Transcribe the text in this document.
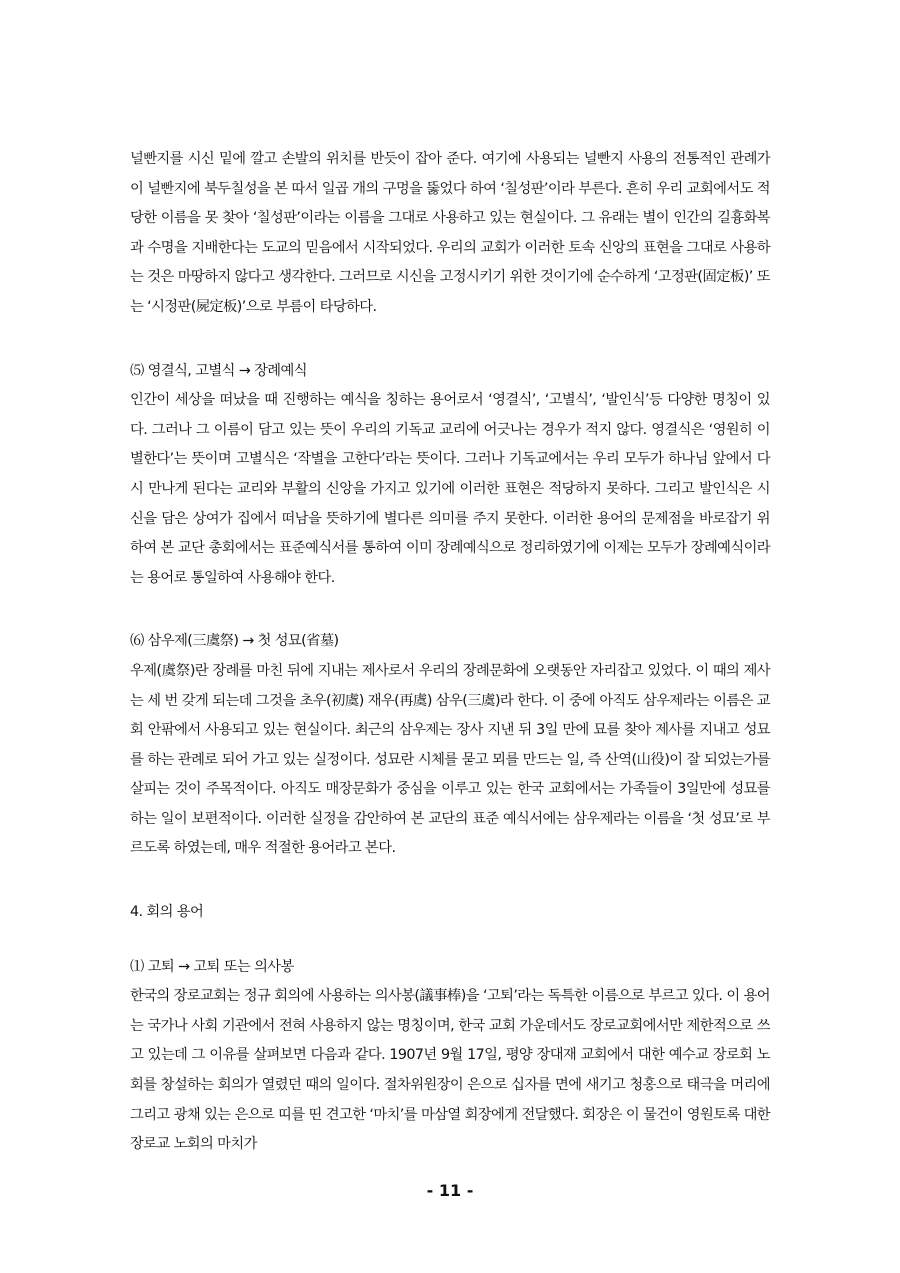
널빤지를 시신 밑에 깔고 손발의 위치를 반듯이 잡아 준다. 여기에 사용되는 널빤지 사용의 전통적인 관례가 이 널빤지에 북두칠성을 본 따서 일곱 개의 구멍을 뚫었다 하여 ‘칠성판’이라 부른다. 흔히 우리 교회에서도 적당한 이름을 못 찾아 ‘칠성판’이라는 이름을 그대로 사용하고 있는 현실이다. 그 유래는 별이 인간의 길흉화복과 수명을 지배한다는 도교의 믿음에서 시작되었다. 우리의 교회가 이러한 토속 신앙의 표현을 그대로 사용하는 것은 마땅하지 않다고 생각한다. 그러므로 시신을 고정시키기 위한 것이기에 순수하게 ‘고정판(固定板)’ 또는 ‘시정판(屍定板)’으로 부름이 타당하다.

⑸ 영결식, 고별식 → 장례예식

인간이 세상을 떠났을 때 진행하는 예식을 칭하는 용어로서 ‘영결식’, ‘고별식’, ‘발인식’등 다양한 명칭이 있다. 그러나 그 이름이 담고 있는 뜻이 우리의 기독교 교리에 어긋나는 경우가 적지 않다. 영결식은 ‘영원히 이별한다’는 뜻이며 고별식은 ‘작별을 고한다’라는 뜻이다. 그러나 기독교에서는 우리 모두가 하나님 앞에서 다시 만나게 된다는 교리와 부활의 신앙을 가지고 있기에 이러한 표현은 적당하지 못하다. 그리고 발인식은 시신을 담은 상여가 집에서 떠남을 뜻하기에 별다른 의미를 주지 못한다. 이러한 용어의 문제점을 바로잡기 위하여 본 교단 총회에서는 표준예식서를 통하여 이미 장례예식으로 정리하였기에 이제는 모두가 장례예식이라는 용어로 통일하여 사용해야 한다.

⑹ 삼우제(三虞祭) → 첫 성묘(省墓)

우제(虞祭)란 장례를 마친 뒤에 지내는 제사로서 우리의 장례문화에 오랫동안 자리잡고 있었다. 이 때의 제사는 세 번 갖게 되는데 그것을 초우(初虞) 재우(再虞) 삼우(三虞)라 한다. 이 중에 아직도 삼우제라는 이름은 교회 안팎에서 사용되고 있는 현실이다. 최근의 삼우제는 장사 지낸 뒤 3일 만에 묘를 찾아 제사를 지내고 성묘를 하는 관례로 되어 가고 있는 실정이다. 성묘란 시체를 묻고 뫼를 만드는 일, 즉 산역(山役)이 잘 되었는가를 살피는 것이 주목적이다. 아직도 매장문화가 중심을 이루고 있는 한국 교회에서는 가족들이 3일만에 성묘를 하는 일이 보편적이다. 이러한 실정을 감안하여 본 교단의 표준 예식서에는 삼우제라는 이름을 ‘첫 성묘’로 부르도록 하였는데, 매우 적절한 용어라고 본다.

4. 회의 용어

⑴ 고퇴 → 고퇴 또는 의사봉

한국의 장로교회는 정규 회의에 사용하는 의사봉(議事棒)을 ‘고퇴’라는 독특한 이름으로 부르고 있다. 이 용어는 국가나 사회 기관에서 전혀 사용하지 않는 명칭이며, 한국 교회 가운데서도 장로교회에서만 제한적으로 쓰고 있는데 그 이유를 살펴보면 다음과 같다. 1907년 9월 17일, 평양 장대재 교회에서 대한 예수교 장로회 노회를 창설하는 회의가 열렸던 때의 일이다. 절차위원장이 은으로 십자를 면에 새기고 청홍으로 태극을 머리에 그리고 광채 있는 은으로 띠를 띤 견고한 ‘마치’를 마삼열 회장에게 전달했다. 회장은 이 물건이 영원토록 대한 장로교 노회의 마치가

- 11 -
